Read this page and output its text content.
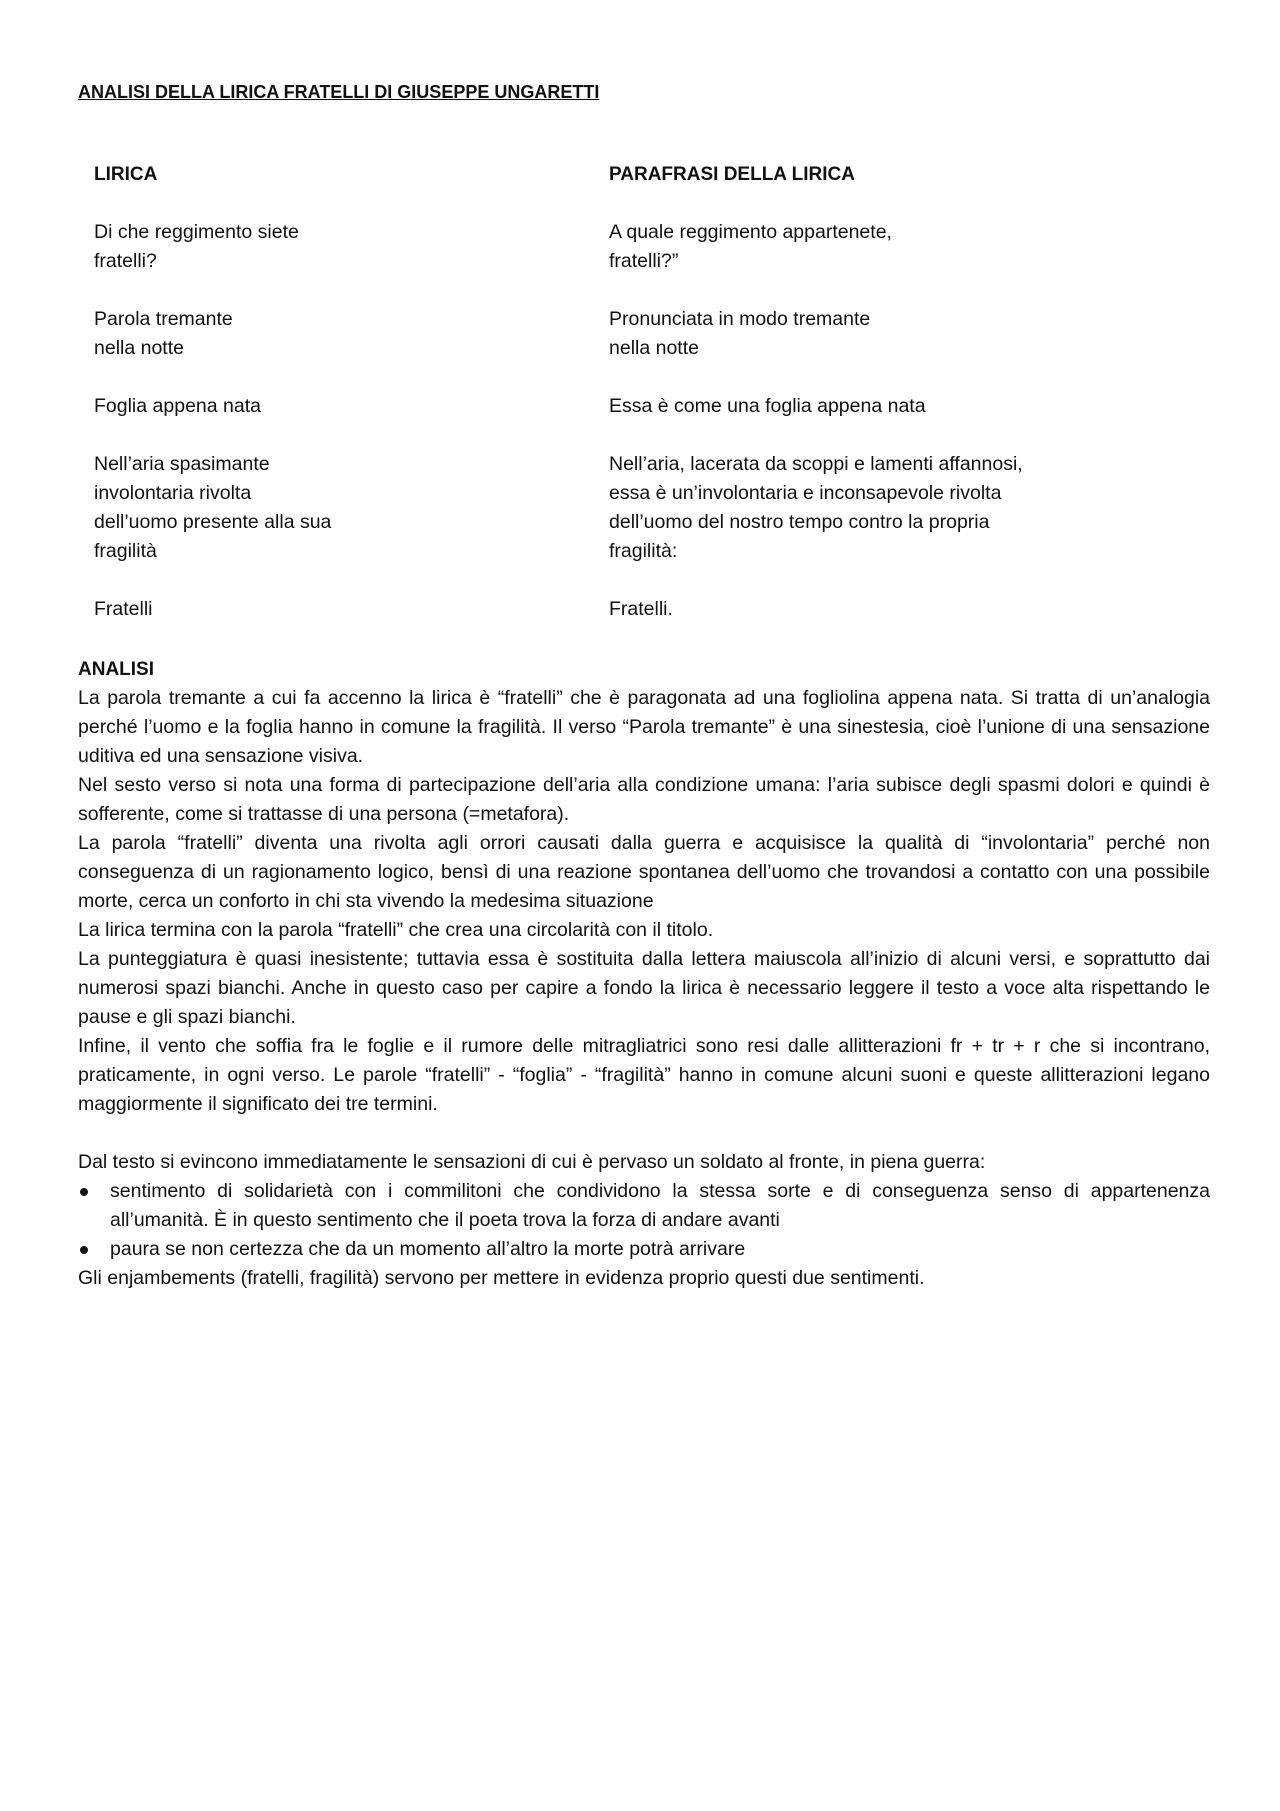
ANALISI DELLA LIRICA FRATELLI DI GIUSEPPE UNGARETTI
LIRICA
Di che reggimento siete
fratelli?
Parola tremante
nella notte
Foglia appena nata
Nell’aria spasimante
involontaria rivolta
dell’uomo presente alla sua
fragilità
Fratelli
PARAFRASI DELLA LIRICA
A quale reggimento appartenete,
fratelli?”
Pronunciata in modo tremante
nella notte
Essa è come una foglia appena nata
Nell’aria, lacerata da scoppi e lamenti affannosi,
essa è un’involontaria e inconsapevole rivolta
dell’uomo del nostro tempo contro la propria
fragilità:
Fratelli.
ANALISI

La parola tremante a cui fa accenno la lirica è “fratelli” che è paragonata ad una fogliolina appena nata. Si tratta di un’analogia perché l’uomo e la foglia hanno in comune la fragilità. Il verso “Parola tremante” è una sinestesia, cioè l’unione di una sensazione uditiva ed una sensazione visiva.

Nel sesto verso si nota una forma di partecipazione dell’aria alla condizione umana: l’aria subisce degli spasmi dolori e quindi è sofferente, come si trattasse di una persona (=metafora).

La parola “fratelli” diventa una rivolta agli orrori causati dalla guerra e acquisisce la qualità di “involontaria” perché non conseguenza di un ragionamento logico, bensì di una reazione spontanea dell’uomo che trovandosi a contatto con una possibile morte, cerca un conforto in chi sta vivendo la medesima situazione

La lirica termina con la parola “fratelli” che crea una circolarità con il titolo.

La punteggiatura è quasi inesistente; tuttavia essa è sostituita dalla lettera maiuscola all’inizio di alcuni versi, e soprattutto dai numerosi spazi bianchi. Anche in questo caso per capire a fondo la lirica è necessario leggere il testo a voce alta rispettando le pause e gli spazi bianchi.

Infine, il vento che soffia fra le foglie e il rumore delle mitragliatrici sono resi dalle allitterazioni fr + tr + r che si incontrano, praticamente, in ogni verso. Le parole “fratelli” - “foglia” - “fragilità” hanno in comune alcuni suoni e queste allitterazioni legano maggiormente il significato dei tre termini.

Dal testo si evincono immediatamente le sensazioni di cui è pervaso un soldato al fronte, in piena guerra:

sentimento di solidarietà con i commilitoni che condividono la stessa sorte e di conseguenza senso di appartenenza all’umanità. È in questo sentimento che il poeta trova la forza di andare avanti
paura se non certezza che da un momento all’altro la morte potrà arrivare

Gli enjambements (fratelli, fragilità) servono per mettere in evidenza proprio questi due sentimenti.
